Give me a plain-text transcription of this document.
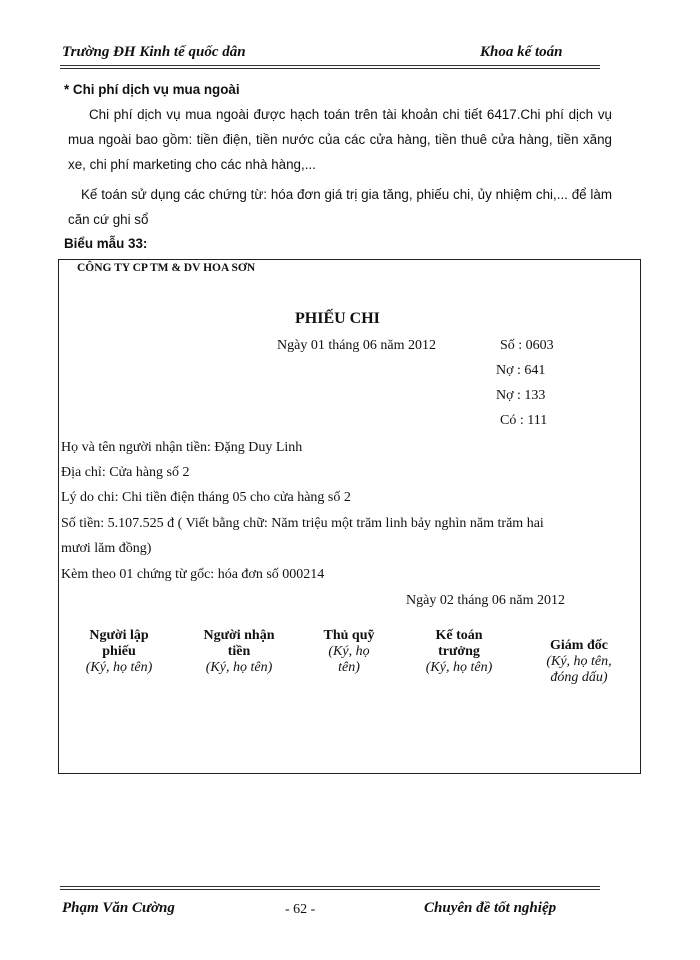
Trường ĐH Kinh tế quốc dân	Khoa kế toán
* Chi phí dịch vụ mua ngoài
Chi phí dịch vụ mua ngoài được hạch toán trên tài khoản chi tiết 6417.Chi phí dịch vụ mua ngoài bao gồm: tiền điện, tiền nước của các cửa hàng, tiền thuê cửa hàng, tiền xăng xe, chi phí marketing cho các nhà hàng,...
Kế toán sử dụng các chứng từ: hóa đơn giá trị gia tăng, phiếu chi, ủy nhiệm chi,... để làm căn cứ ghi sổ
Biểu mẫu 33:
CÔNG TY CP TM & DV HOA SƠN
PHIẾU CHI
Ngày 01 tháng 06 năm 2012	Số : 0603
Nợ : 641
Nợ : 133
Có : 111
Họ và tên người nhận tiền: Đặng Duy Linh
Địa chỉ: Cửa hàng số 2
Lý do chi: Chi tiền điện tháng 05 cho cửa hàng số 2
Số tiền: 5.107.525 đ ( Viết bằng chữ: Năm triệu một trăm linh bảy nghìn năm trăm hai
mươi lăm đồng)
Kèm theo 01 chứng từ gốc: hóa đơn số 000214
Ngày 02 tháng 06 năm 2012
Người lập
phiếu
(Ký, họ tên)
Người nhận
tiền
(Ký, họ tên)
Thủ quỹ
(Ký, họ
tên)
Kế toán
trưởng
(Ký, họ tên)
Giám đốc
(Ký, họ tên,
đóng dấu)
Phạm Văn Cường	- 62 -	Chuyên đề tốt nghiệp
